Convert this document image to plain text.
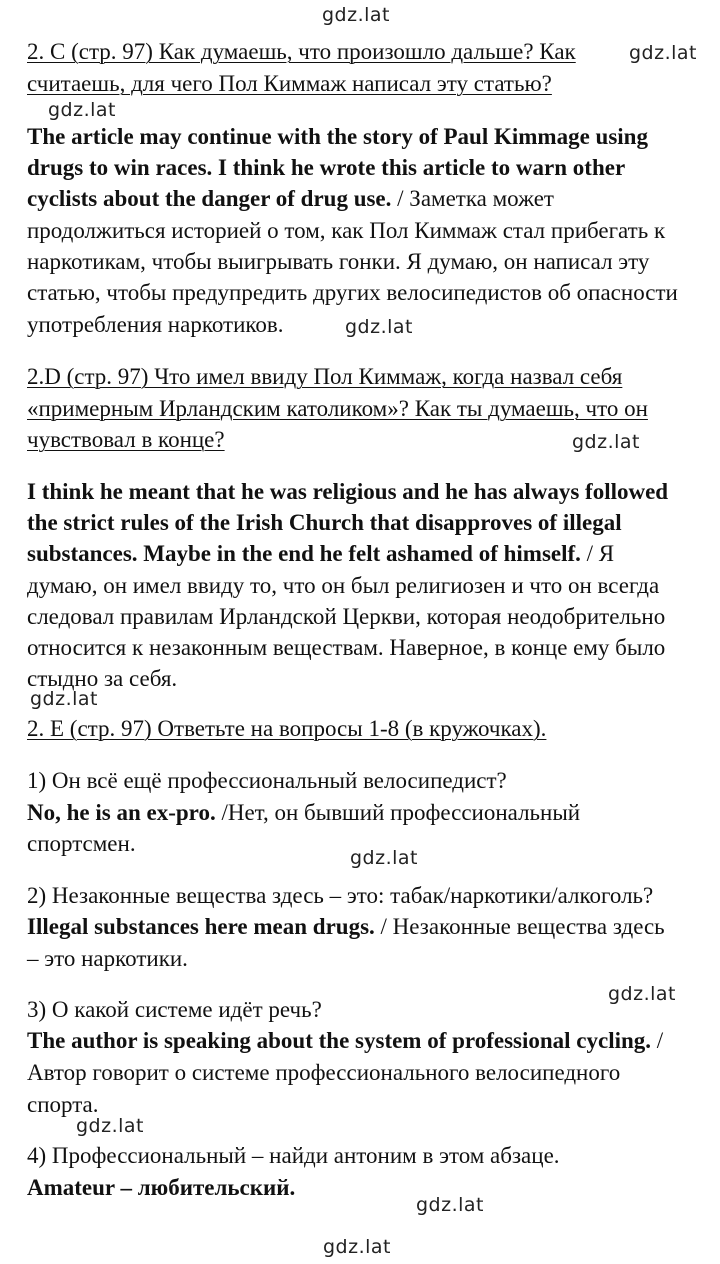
gdz.lat
gdz.lat
gdz.lat
gdz.lat
gdz.lat
gdz.lat
gdz.lat
gdz.lat
gdz.lat
gdz.lat
gdz.lat
2. C (стр. 97) Как думаешь, что произошло дальше? Как
считаешь, для чего Пол Киммаж написал эту статью?
The article may continue with the story of Paul Kimmage using
drugs to win races. I think he wrote this article to warn other
cyclists about the danger of drug use. / Заметка может
продолжиться историей о том, как Пол Киммаж стал прибегать к
наркотикам, чтобы выигрывать гонки. Я думаю, он написал эту
статью, чтобы предупредить других велосипедистов об опасности
употребления наркотиков.
2.D (стр. 97) Что имел ввиду Пол Киммаж, когда назвал себя
«примерным Ирландским католиком»? Как ты думаешь, что он
чувствовал в конце?
I think he meant that he was religious and he has always followed
the strict rules of the Irish Church that disapproves of illegal
substances. Maybe in the end he felt ashamed of himself. / Я
думаю, он имел ввиду то, что он был религиозен и что он всегда
следовал правилам Ирландской Церкви, которая неодобрительно
относится к незаконным веществам. Наверное, в конце ему было
стыдно за себя.
2. E (стр. 97) Ответьте на вопросы 1-8 (в кружочках).
1) Он всё ещё профессиональный велосипедист?
No, he is an ex-pro. /Нет, он бывший профессиональный
спортсмен.
2) Незаконные вещества здесь – это: табак/наркотики/алкоголь?
Illegal substances here mean drugs. / Незаконные вещества здесь
– это наркотики.
3) О какой системе идёт речь?
The author is speaking about the system of professional cycling. /
Автор говорит о системе профессионального велосипедного
спорта.
4) Профессиональный – найди антоним в этом абзаце.
Amateur – любительский.
